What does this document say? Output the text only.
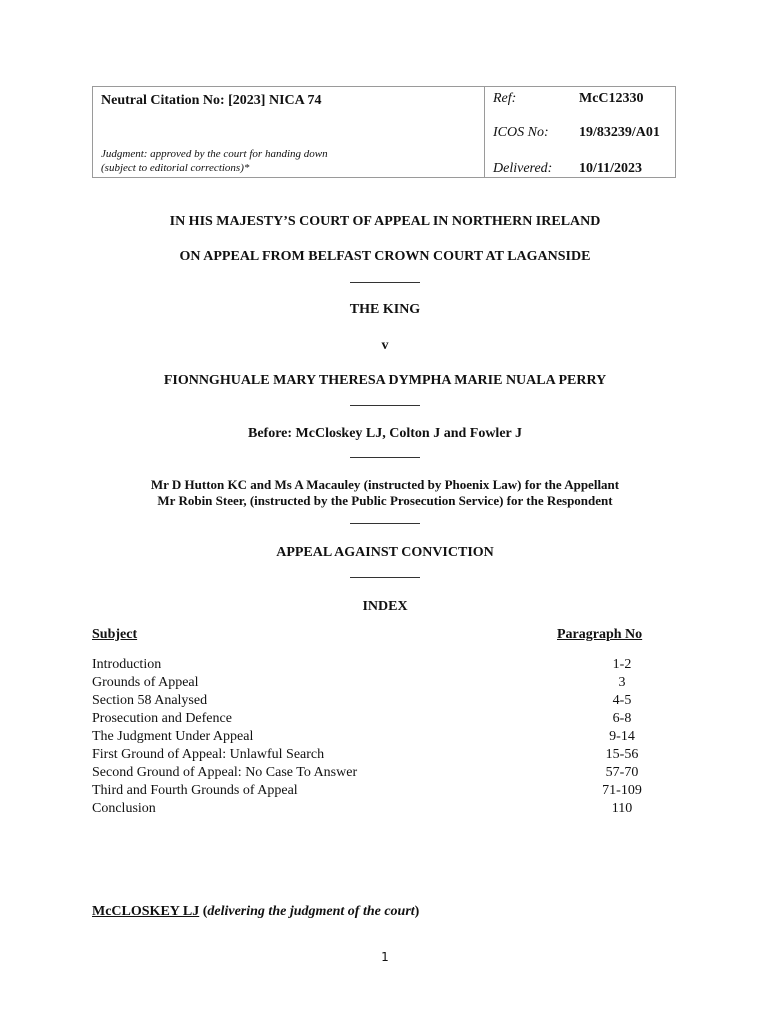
Neutral Citation No: [2023] NICA 74
Judgment: approved by the court for handing down
(subject to editorial corrections)*
Ref:	McC12330
ICOS No: 19/83239/A01
Delivered: 10/11/2023
IN HIS MAJESTY’S COURT OF APPEAL IN NORTHERN IRELAND
ON APPEAL FROM BELFAST CROWN COURT AT LAGANSIDE
THE KING
v
FIONNGHUALE MARY THERESA DYMPHA MARIE NUALA PERRY
Before: McCloskey LJ, Colton J and Fowler J
Mr D Hutton KC and Ms A Macauley (instructed by Phoenix Law) for the Appellant
Mr Robin Steer, (instructed by the Public Prosecution Service) for the Respondent
APPEAL AGAINST CONVICTION
INDEX
Subject	Paragraph No
Introduction	1-2
Grounds of Appeal	3
Section 58 Analysed	4-5
Prosecution and Defence	6-8
The Judgment Under Appeal	9-14
First Ground of Appeal: Unlawful Search	15-56
Second Ground of Appeal: No Case To Answer	57-70
Third and Fourth Grounds of Appeal	71-109
Conclusion	110
McCLOSKEY LJ (delivering the judgment of the court)
1
